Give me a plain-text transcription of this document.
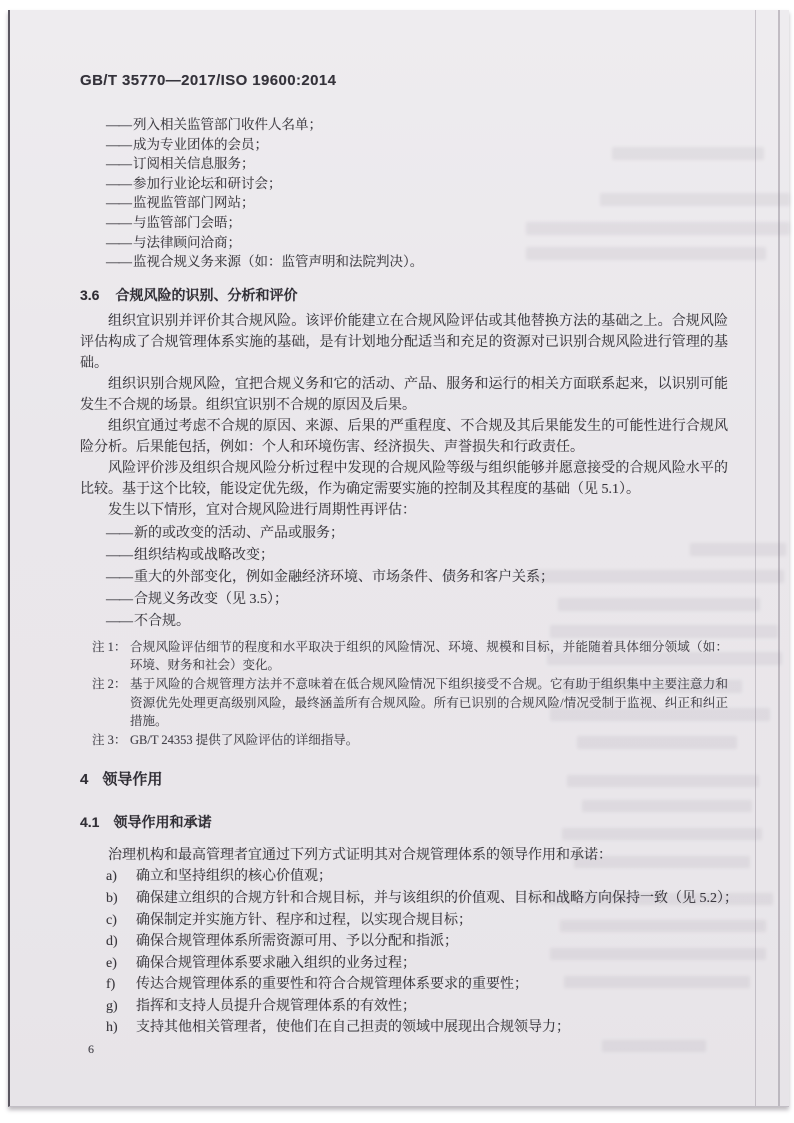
GB/T 35770—2017/ISO 19600:2014
—— 列入相关监管部门收件人名单；
—— 成为专业团体的会员；
—— 订阅相关信息服务；
—— 参加行业论坛和研讨会；
—— 监视监管部门网站；
—— 与监管部门会晤；
—— 与法律顾问洽商；
—— 监视合规义务来源（如：监管声明和法院判决）。
3.6 合规风险的识别、分析和评价

组织宜识别并评价其合规风险。该评价能建立在合规风险评估或其他替换方法的基础之上。合规风险评估构成了合规管理体系实施的基础，是有计划地分配适当和充足的资源对已识别合规风险进行管理的基础。

组织识别合规风险，宜把合规义务和它的活动、产品、服务和运行的相关方面联系起来，以识别可能发生不合规的场景。组织宜识别不合规的原因及后果。

组织宜通过考虑不合规的原因、来源、后果的严重程度、不合规及其后果能发生的可能性进行合规风险分析。后果能包括，例如：个人和环境伤害、经济损失、声誉损失和行政责任。

风险评价涉及组织合规风险分析过程中发现的合规风险等级与组织能够并愿意接受的合规风险水平的比较。基于这个比较，能设定优先级，作为确定需要实施的控制及其程度的基础（见 5.1）。

发生以下情形，宜对合规风险进行周期性再评估：

—— 新的或改变的活动、产品或服务；
—— 组织结构或战略改变；
—— 重大的外部变化，例如金融经济环境、市场条件、债务和客户关系；
—— 合规义务改变（见 3.5）；
—— 不合规。
注 1： 合规风险评估细节的程度和水平取决于组织的风险情况、环境、规模和目标，并能随着具体细分领域（如：环境、财务和社会）变化。
注 2： 基于风险的合规管理方法并不意味着在低合规风险情况下组织接受不合规。它有助于组织集中主要注意力和资源优先处理更高级别风险，最终涵盖所有合规风险。所有已识别的合规风险/情况受制于监视、纠正和纠正措施。
注 3： GB/T 24353 提供了风险评估的详细指导。
4 领导作用
4.1 领导作用和承诺

治理机构和最高管理者宜通过下列方式证明其对合规管理体系的领导作用和承诺：

a)	确立和坚持组织的核心价值观；
b)	确保建立组织的合规方针和合规目标，并与该组织的价值观、目标和战略方向保持一致（见 5.2）；
c)	确保制定并实施方针、程序和过程，以实现合规目标；
d)	确保合规管理体系所需资源可用、予以分配和指派；
e)	确保合规管理体系要求融入组织的业务过程；
f)	传达合规管理体系的重要性和符合合规管理体系要求的重要性；
g)	指挥和支持人员提升合规管理体系的有效性；
h)	支持其他相关管理者，使他们在自己担责的领域中展现出合规领导力；
6
